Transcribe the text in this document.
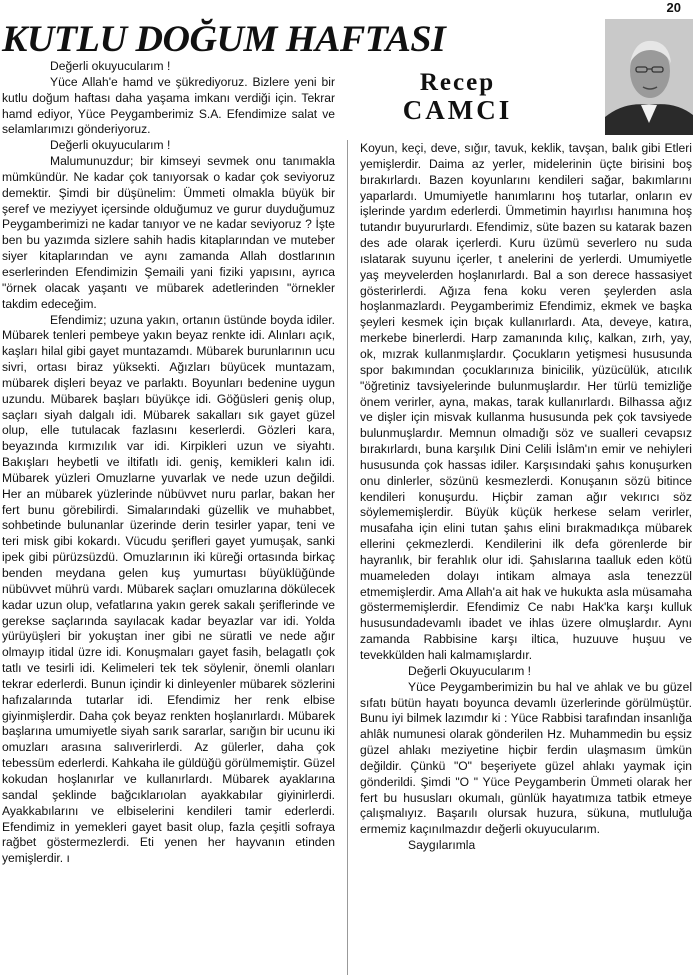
20
KUTLU DOĞUM HAFTASI
Recep
CAMCI

Değerli okuyucularım !

Yüce Allah'e hamd ve şükrediyoruz. Bizlere yeni bir kutlu doğum haftası daha yaşama imkanı verdiği için. Tekrar hamd ediyor, Yüce Peygamberimiz S.A. Efendimize salat ve selamlarımızı gönderiyoruz.

Değerli okuyucularım !

Malumunuzdur; bir kimseyi sevmek onu tanımakla mümkündür. Ne kadar çok tanıyorsak o kadar çok seviyoruz demektir. Şimdi bir düşünelim: Ümmeti olmakla büyük bir şeref ve meziyyet içersinde olduğumuz ve gurur duyduğumuz Peygamberimizi ne kadar tanıyor ve ne kadar seviyoruz ? İşte ben bu yazımda sizlere sahih hadis kitaplarından ve muteber siyer kitaplarından ve aynı zamanda Allah dostlarının eserlerinden Efendimizin Şemaili yani fiziki yapısını, ayrıca "örnek olacak yaşantı ve mübarek adetlerinden "örnekler takdim edeceğim.

Efendimiz; uzuna yakın, ortanın üstünde boyda idiler. Mübarek tenleri pembeye yakın beyaz renkte idi. Alınları açık, kaşları hilal gibi gayet muntazamdı. Mübarek burunlarının ucu sivri, ortası biraz yüksekti. Ağızları büyücek muntazam, mübarek dişleri beyaz ve parlaktı. Boyunları bedenine uygun uzundu. Mübarek başları büyükçe idi. Göğüsleri geniş olup, saçları siyah dalgalı idi. Mübarek sakalları sık gayet güzel olup, elle tutulacak fazlasını keserlerdi. Gözleri kara, beyazında kırmızılık var idi. Kirpikleri uzun ve siyahtı. Bakışları heybetli ve iltifatlı idi. geniş, kemikleri kalın idi. Mübarek yüzleri Omuzlarne yuvarlak ve nede uzun değildi. Her an mübarek yüzlerinde nübüvvet nuru parlar, bakan her fert bunu görebilirdi. Simalarındaki güzellik ve muhabbet, sohbetinde bulunanlar üzerinde derin tesirler yapar, teni ve teri misk gibi kokardı. Vücudu şerifleri gayet yumuşak, sanki ipek gibi pürüzsüzdü. Omuzlarının iki küreği ortasında birkaç benden meydana gelen kuş yumurtası büyüklüğünde nübüvvet mührü vardı. Mübarek saçları omuzlarına dökülecek kadar uzun olup, vefatlarına yakın gerek sakalı şeriflerinde ve gerekse saçlarında sayılacak kadar beyazlar var idi. Yolda yürüyüşleri bir yokuştan iner gibi ne süratli ve nede ağır olmayıp itidal üzre idi. Konuşmaları gayet fasih, belagatlı çok tatlı ve tesirli idi. Kelimeleri tek tek söylenir, önemli olanları tekrar ederlerdi. Bunun içindir ki dinleyenler mübarek sözlerini hafızalarında tutarlar idi. Efendimiz her renk elbise giyinmişlerdir. Daha çok beyaz renkten hoşlanırlardı. Mübarek başlarına umumiyetle siyah sarık sararlar, sarığın bir ucunu iki omuzları arasına salıverirlerdi. Az gülerler, daha çok tebessüm ederlerdi. Kahkaha ile güldüğü görülmemiştir. Güzel kokudan hoşlanırlar ve kullanırlardı. Mübarek ayaklarına sandal şeklinde bağcıklarıolan ayakkabılar giyinirlerdi. Ayakkabılarını ve elbiselerini kendileri tamir ederlerdi. Efendimiz in yemekleri gayet basit olup, fazla çeşitli sofraya rağbet göstermezlerdi. Eti yenen her hayvanın etinden yemişlerdir. ı

Koyun, keçi, deve, sığır, tavuk, keklik, tavşan, balık gibi Etleri yemişlerdir. Daima az yerler, midelerinin üçte birisini boş bırakırlardı. Bazen koyunlarını kendileri sağar, bakımlarını yaparlardı. Umumiyetle hanımlarını hoş tutarlar, onların ev işlerinde yardım ederlerdi. Ümmetimin hayırlısı hanımına hoş tutandır buyururlardı. Efendimiz, süte bazen su katarak bazen des ade olarak içerlerdi. Kuru üzümü severlero nu suda ıslatarak suyunu içerler, t anelerini de yerlerdi. Umumiyetle yaş meyvelerden hoşlanırlardı. Bal a son derece hassasiyet gösterirlerdi. Ağıza fena koku veren şeylerden asla hoşlanmazlardı. Peygamberimiz Efendimiz, ekmek ve başka şeyleri kesmek için bıçak kullanırlardı. Ata, deveye, katıra, merkebe binerlerdi. Harp zamanında kılıç, kalkan, zırh, yay, ok, mızrak kullanmışlardır. Çocukların yetişmesi hususunda spor bakımından çocuklarınıza binicilik, yüzücülük, atıcılık "öğretiniz tavsiyelerinde bulunmuşlardır. Her türlü temizliğe önem verirler, ayna, makas, tarak kullanırlardı. Bilhassa ağız ve dişler için misvak kullanma hususunda pek çok tavsiyede bulunmuşlardır. Memnun olmadığı söz ve sualleri cevapsız bırakırlardı, buna karşılık Dini Celili İslâm'ın emir ve nehiyleri hususunda çok hassas idiler. Karşısındaki şahıs konuşurken onu dinlerler, sözünü kesmezlerdi. Konuşanın sözü bitince kendileri konuşurdu. Hiçbir zaman ağır vekırıcı söz söylememişlerdir. Büyük küçük herkese selam verirler, musafaha için elini tutan şahıs elini bırakmadıkça mübarek ellerini çekmezlerdi. Kendilerini ilk defa görenlerde bir hayranlık, bir ferahlık olur idi. Şahıslarına taalluk eden kötü muameleden dolayı intikam almaya asla tenezzül etmemişlerdir. Ama Allah'a ait hak ve hukukta asla müsamaha göstermemişlerdir. Efendimiz Ce nabı Hak'ka karşı kulluk hususundadevamlı ibadet ve ihlas üzere olmuşlardır. Aynı zamanda Rabbisine karşı iltica, huzuuve huşuu ve tevekkülden hali kalmamışlardır.

Değerli Okuyucularım !

Yüce Peygamberimizin bu hal ve ahlak ve bu güzel sıfatı bütün hayatı boyunca devamlı üzerlerinde görülmüştür. Bunu iyi bilmek lazımdır ki : Yüce Rabbisi tarafından insanlığa ahlâk numunesi olarak gönderilen Hz. Muhammedin bu eşsiz güzel ahlakı meziyetine hiçbir ferdin ulaşmasım ümkün değildir. Çünkü "O" beşeriyete güzel ahlakı yaymak için gönderildi. Şimdi "O " Yüce Peygamberin Ümmeti olarak her fert bu hususları okumalı, günlük hayatımıza tatbik etmeye çalışmalıyız. Başarılı olursak huzura, sükuna, mutluluğa ermemiz kaçınılmazdır değerli okuyucularım.

Saygılarımla
